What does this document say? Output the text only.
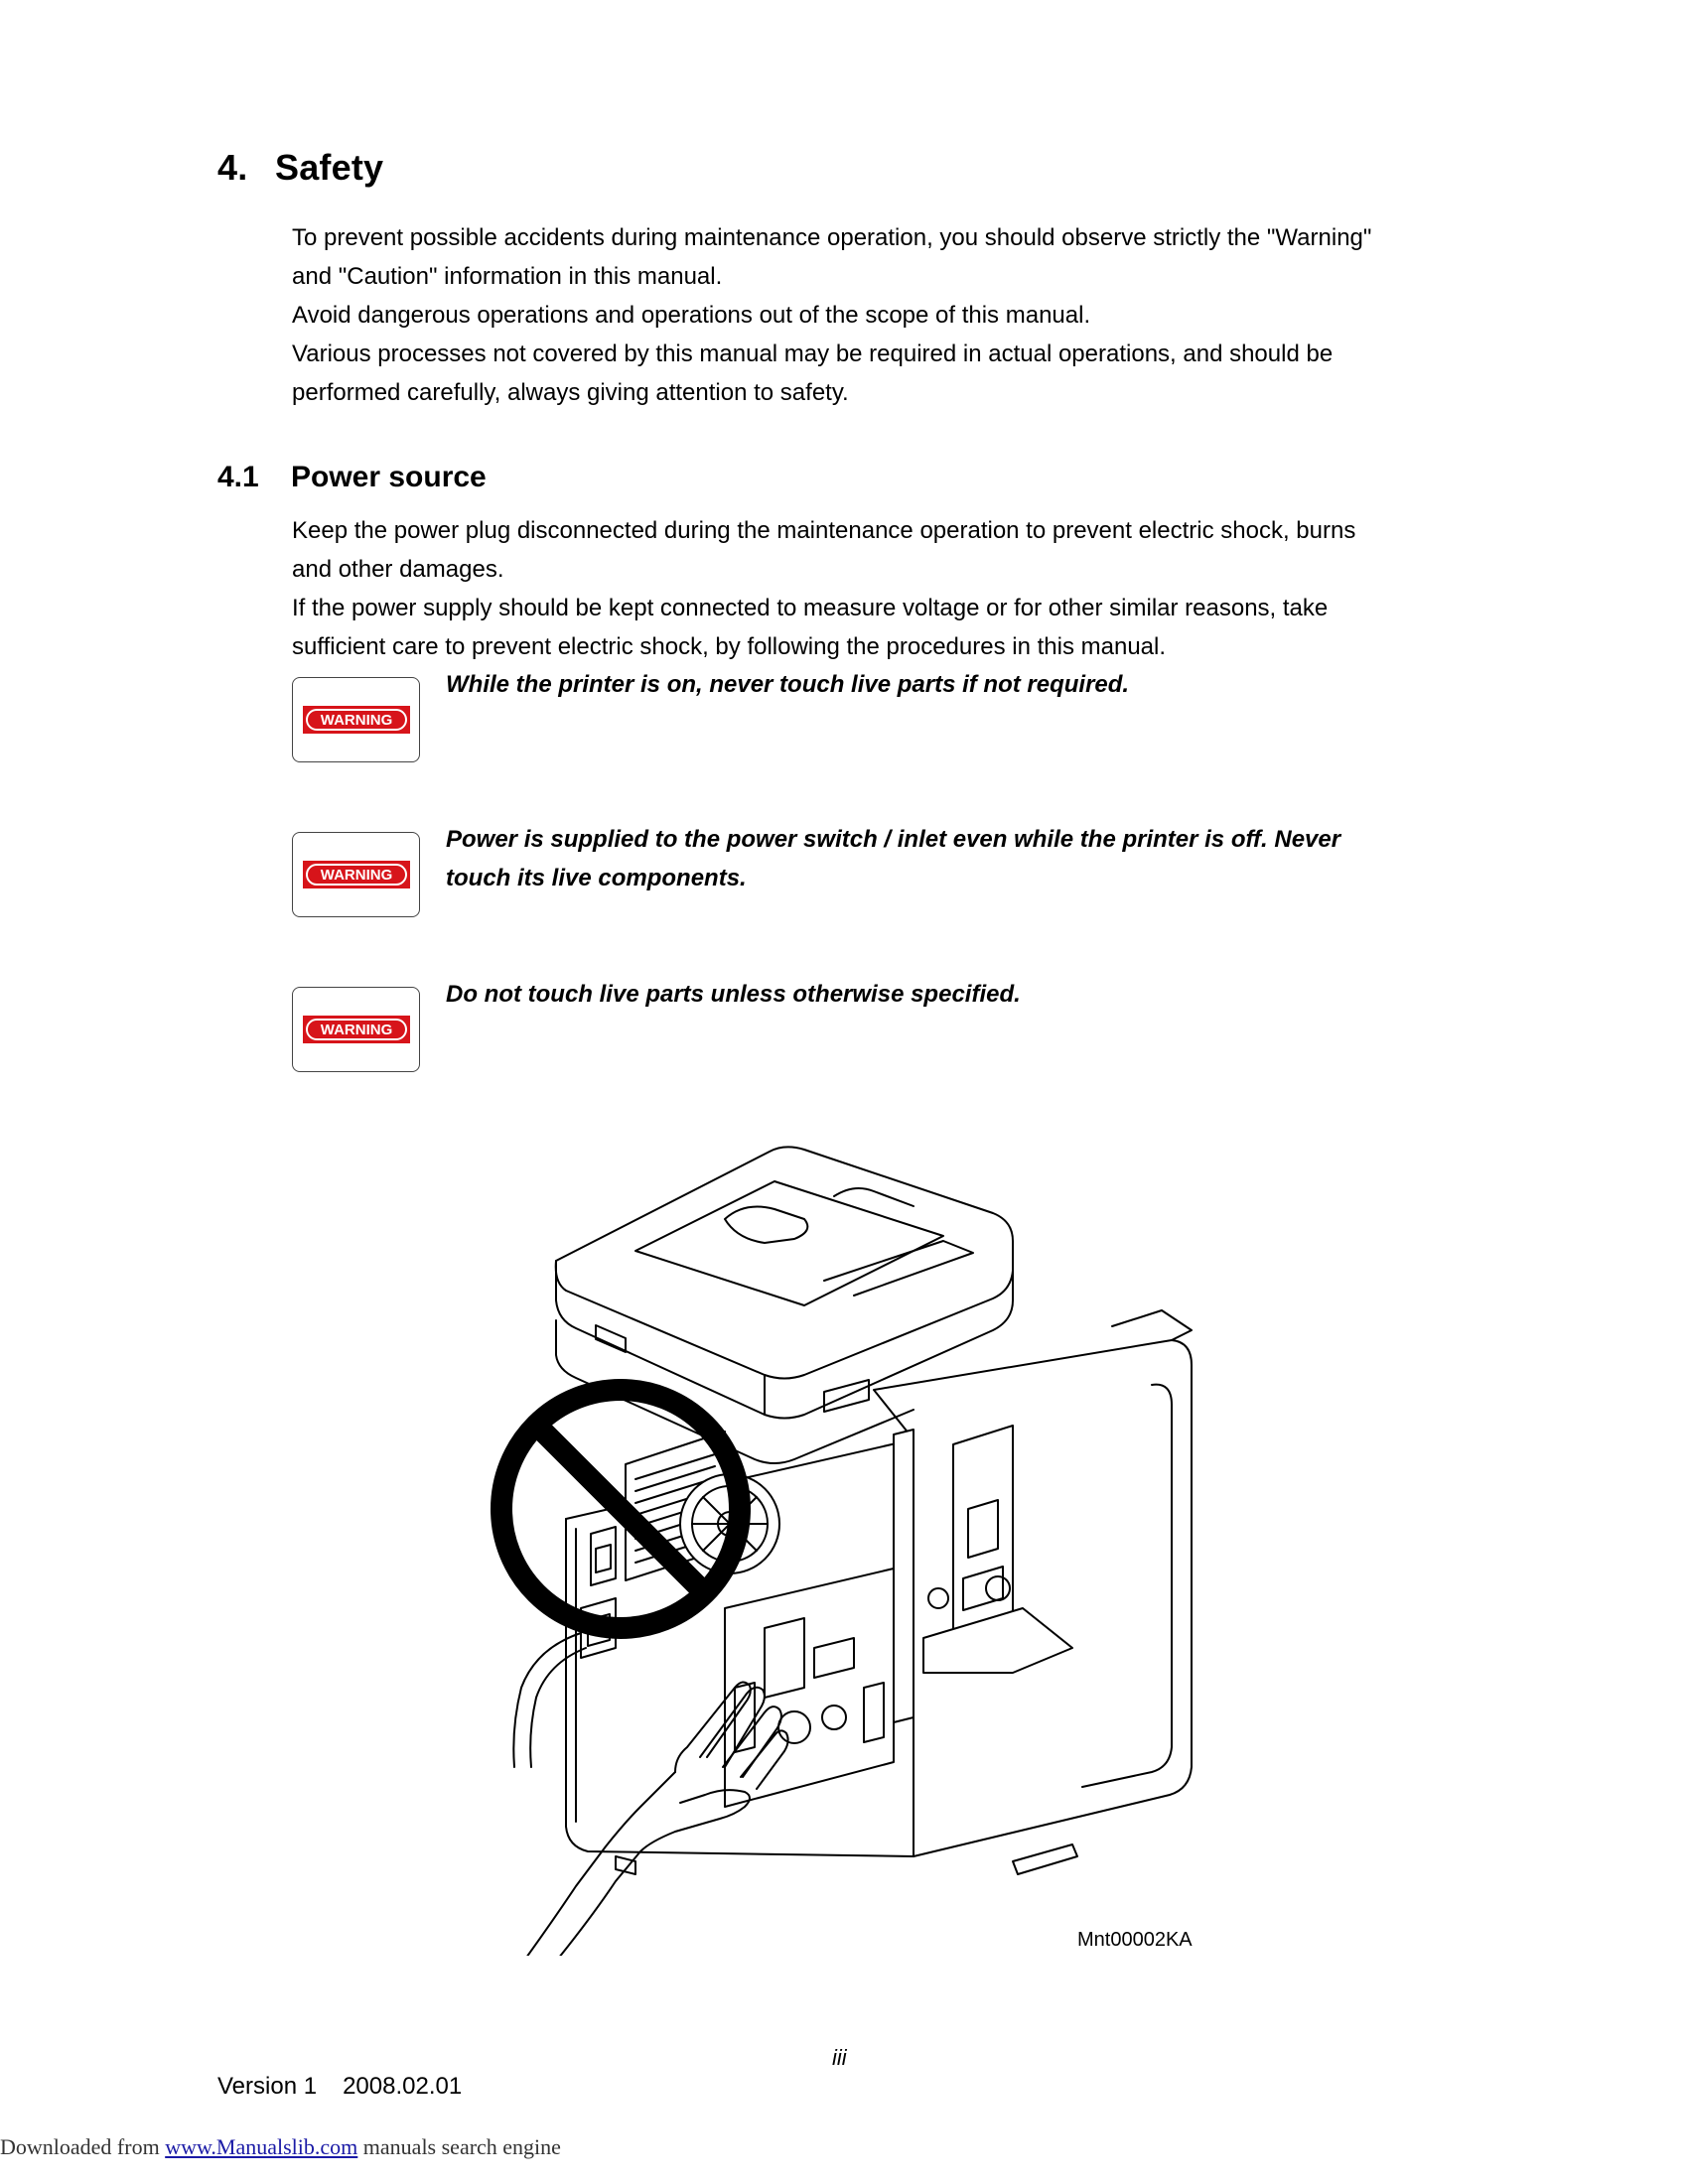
4. Safety

To prevent possible accidents during maintenance operation, you should observe strictly the "Warning"

and "Caution" information in this manual.

Avoid dangerous operations and operations out of the scope of this manual.

Various processes not covered by this manual may be required in actual operations, and should be

performed carefully, always giving attention to safety.

4.1 Power source

Keep the power plug disconnected during the maintenance operation to prevent electric shock, burns

and other damages.

If the power supply should be kept connected to measure voltage or for other similar reasons, take

sufficient care to prevent electric shock, by following the procedures in this manual.

WARNING
While the printer is on, never touch live parts if not required.
WARNING
Power is supplied to the power switch / inlet even while the printer is off. Never
touch its live components.
WARNING
Do not touch live parts unless otherwise specified.
Mnt00002KA
iii
Version 1 2008.02.01
Downloaded from www.Manualslib.com manuals search engine
